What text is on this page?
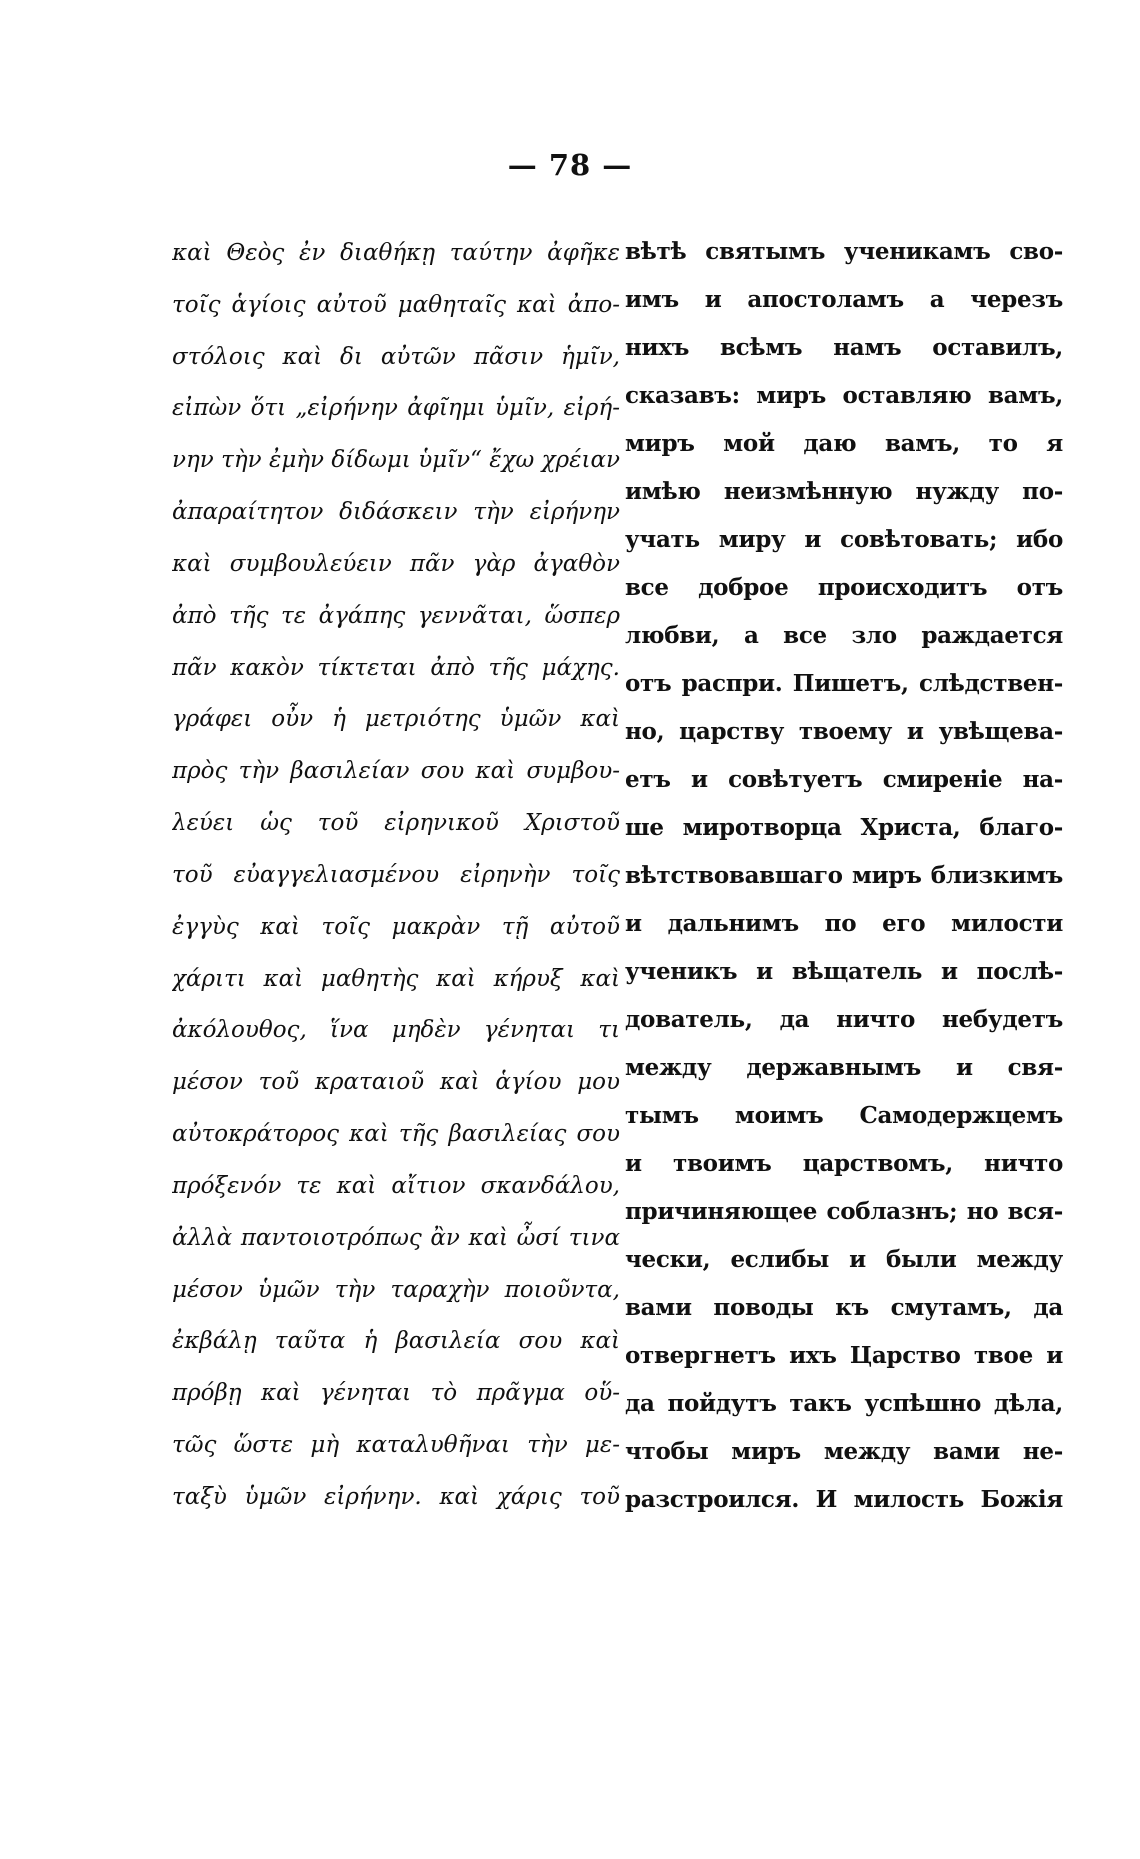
— 78 —
καὶ Θεὸς ἐν διαθήκῃ ταύτην ἀφῆκε
τοῖς ἁγίοις αὐτοῦ μαθηταῖς καὶ ἀπο-
στόλοις καὶ δι αὐτῶν πᾶσιν ἡμῖν,
εἰπὼν ὅτι „εἰρήνην ἀφῖημι ὑμῖν, εἰρή-
νην τὴν ἐμὴν δίδωμι ὑμῖν“ ἔχω χρέιαν
ἀπαραίτητον διδάσκειν τὴν εἰρήνην
καὶ συμβουλεύειν πᾶν γὰρ ἀγαθὸν
ἀπὸ τῆς τε ἀγάπης γεννᾶται, ὥσπερ
πᾶν κακὸν τίκτεται ἀπὸ τῆς μάχης.
γράφει οὖν ἡ μετριότης ὑμῶν καὶ
πρὸς τὴν βασιλείαν σου καὶ συμβου-
λεύει ὡς τοῦ εἰρηνικοῦ Χριστοῦ
τοῦ εὐαγγελιασμένου εἰρηνὴν τοῖς
ἐγγὺς καὶ τοῖς μακρὰν τῇ αὐτοῦ
χάριτι καὶ μαθητὴς καὶ κήρυξ καὶ
ἀκόλουθος, ἵνα μηδὲν γένηται τι
μέσον τοῦ κραταιοῦ καὶ ἁγίου μου
αὐτοκράτορος καὶ τῆς βασιλείας σου
πρόξενόν τε καὶ αἴτιον σκανδάλου,
ἀλλὰ παντοιοτρόπως ἂν καὶ ὦσί τινα
μέσον ὑμῶν τὴν ταραχὴν ποιοῦντα,
ἐκβάλῃ ταῦτα ἡ βασιλεία σου καὶ
πρόβῃ καὶ γένηται τὸ πρᾶγμα οὕ-
τῶς ὥστε μὴ καταλυθῆναι τὴν με-
ταξὺ ὑμῶν εἰρήνην. καὶ χάρις τοῦ
вѣтѣ святымъ ученикамъ сво-
имъ и апостоламъ а черезъ
нихъ всѣмъ намъ оставилъ,
сказавъ: миръ оставляю вамъ,
миръ мой даю вамъ, то я
имѣю неизмѣнную нужду по-
учать миру и совѣтовать; ибо
все доброе происходитъ отъ
любви, а все зло раждается
отъ распри. Пишетъ, слѣдствен-
но, царству твоему и увѣщева-
етъ и совѣтуетъ смиреніе на-
ше миротворца Христа, благо-
вѣтствовавшаго миръ близкимъ
и дальнимъ по его милости
ученикъ и вѣщатель и послѣ-
дователь, да ничто небудетъ
между державнымъ и свя-
тымъ моимъ Самодержцемъ
и твоимъ царствомъ, ничто
причиняющее соблазнъ; но вся-
чески, еслибы и были между
вами поводы къ смутамъ, да
отвергнетъ ихъ Царство твое и
да пойдутъ такъ успѣшно дѣла,
чтобы миръ между вами не-
разстроился. И милость Божія
